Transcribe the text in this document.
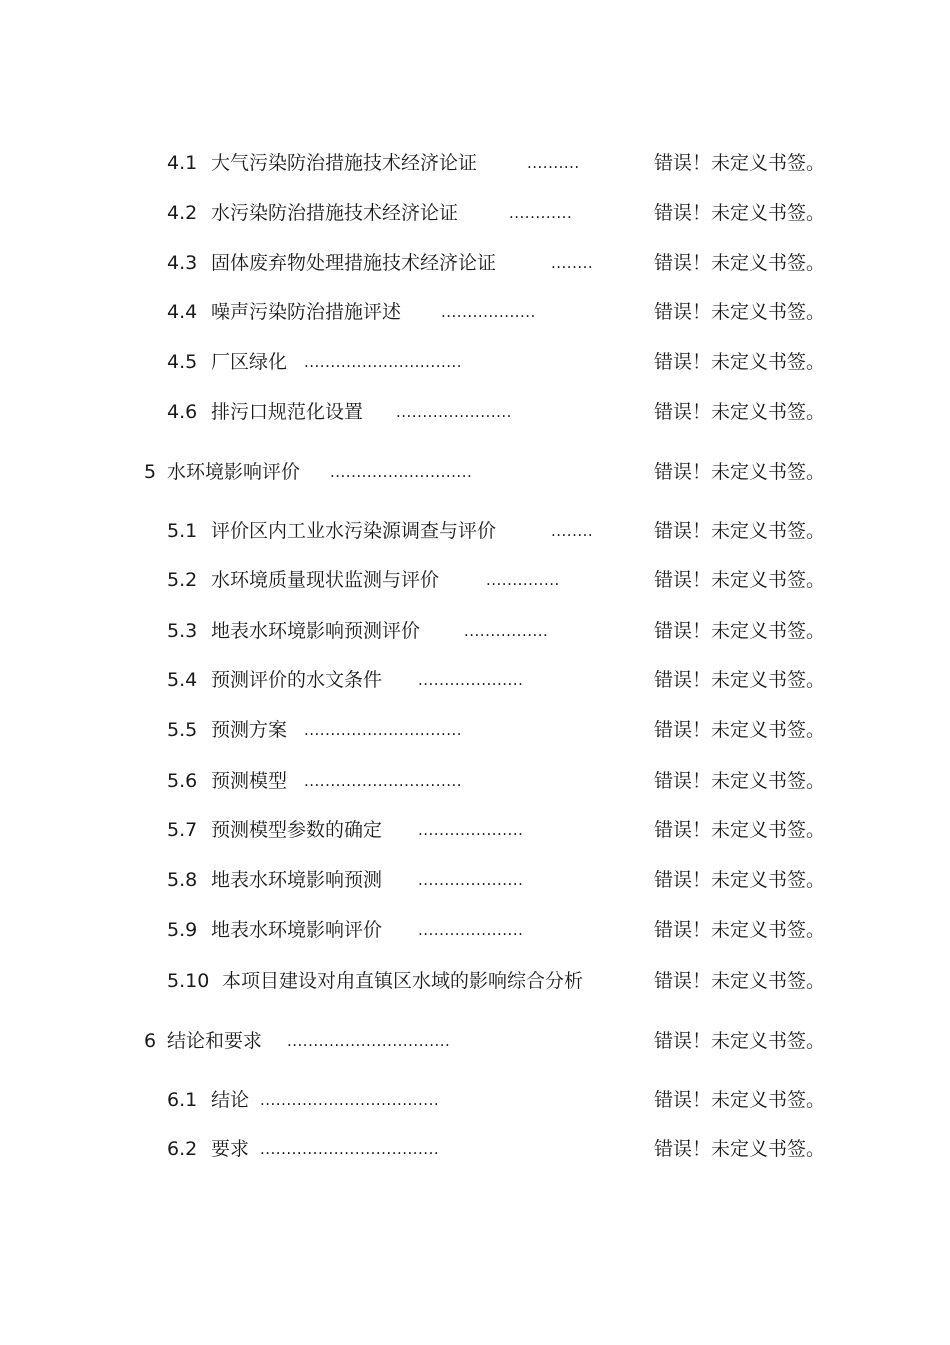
4.1 大气污染防治措施技术经济论证	..........	错误！未定义书签。
4.2 水污染防治措施技术经济论证	............	错误！未定义书签。
4.3 固体废弃物处理措施技术经济论证	........	错误！未定义书签。
4.4 噪声污染防治措施评述	..................	错误！未定义书签。
4.5 厂区绿化 ..............................	错误！未定义书签。
4.6 排污口规范化设置 ......................	错误！未定义书签。
5 水环境影响评价 ...........................	错误！未定义书签。
5.1 评价区内工业水污染源调查与评价	........	错误！未定义书签。
5.2 水环境质量现状监测与评价	..............	错误！未定义书签。
5.3 地表水环境影响预测评价	................	错误！未定义书签。
5.4 预测评价的水文条件 ....................	错误！未定义书签。
5.5 预测方案 ..............................	错误！未定义书签。
5.6 预测模型 ..............................	错误！未定义书签。
5.7 预测模型参数的确定 ....................	错误！未定义书签。
5.8 地表水环境影响预测 ....................	错误！未定义书签。
5.9 地表水环境影响评价 ....................	错误！未定义书签。
5.10 本项目建设对甪直镇区水域的影响综合分析	错误！未定义书签。
6 结论和要求 ...............................	错误！未定义书签。
6.1 结论 ..................................	错误！未定义书签。
6.2 要求 ..................................	错误！未定义书签。
